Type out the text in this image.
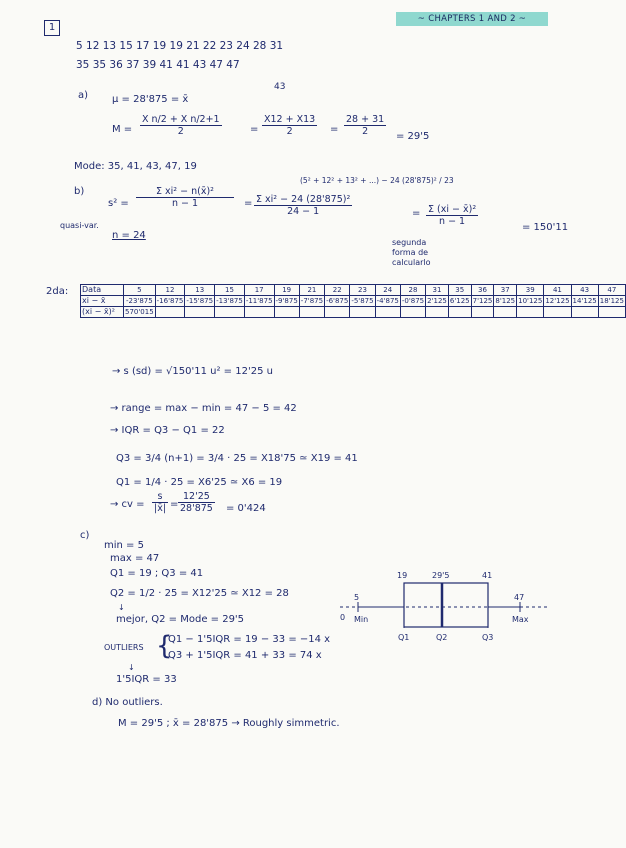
~ CHAPTERS 1 AND 2 ~
1
5 12 13 15 17 19 19 21 22 23 24 28 31
35 35 36 37 39 41 41 43 47 47
43
a) μ = 28'875 = x̄
$M = \frac{\text{X n/2 + X n/2+1}}{2}$	= $\frac{X12 + X13}{2} = \frac{28 + 31}{2} = 29'5$
Mode: 35, 41, 43, 47, 19
b)
(5² + 12² + 13² + ...) − 24 (28'875)² / 23
$s^2 = \frac{\text{Σ xi² − n(x̄)²}}{n - 1} = \frac{\text{Σ xi² − 24 (28'875)²}}{24 - 1}$	= $\frac{\text{Σ (xi − x̄)²}}{n - 1}$
= 150'11
quasi-var.
n = 24
segunda
forma de
calcularlo
2da: Data	5	12	13	15	17	19	21	22	23	24	28	31	35	36	37	39	41	43	47
xi − x̄	-23'875	-16'875	-15'875	-13'875	-11'875	-9'875	-7'875	-6'875	-5'875	-4'875	-0'875	2'125	6'125	7'125	8'125	10'125	12'125	14'125	18'125
(xi − x̄)²	570'015																		
→ s (sd) = √150'11 u² = 12'25 u
→ range = max − min = 47 − 5 = 42
→ IQR = Q3 − Q1 = 22
Q3 = 3/4 (n+1) = 3/4 · 25 = X18'75 ≃ X19 = 41
Q1 = 1/4 · 25 = X6'25 ≃ X6 = 19
→ cv = $\frac{s}{|x̄|} = \frac{12'25}{28'875} = 0'424$
c)
min = 5
max = 47
Q1 = 19 ; Q3 = 41
Q2 = 1/2 · 25 = X12'25 ≃ X12 = 28
↓
mejor, Q2 = Mode = 29'5
OUTLIERS {
Q1 − 1'5IQR = 19 − 33 = −14 x
Q3 + 1'5IQR = 41 + 33 = 74 x
↓
1'5IQR = 33
19	29'5	41
5	47
0 Min	Max
Q1	Q2	Q3
d) No outliers.
M = 29'5 ; x̄ = 28'875 → Roughly simmetric.
